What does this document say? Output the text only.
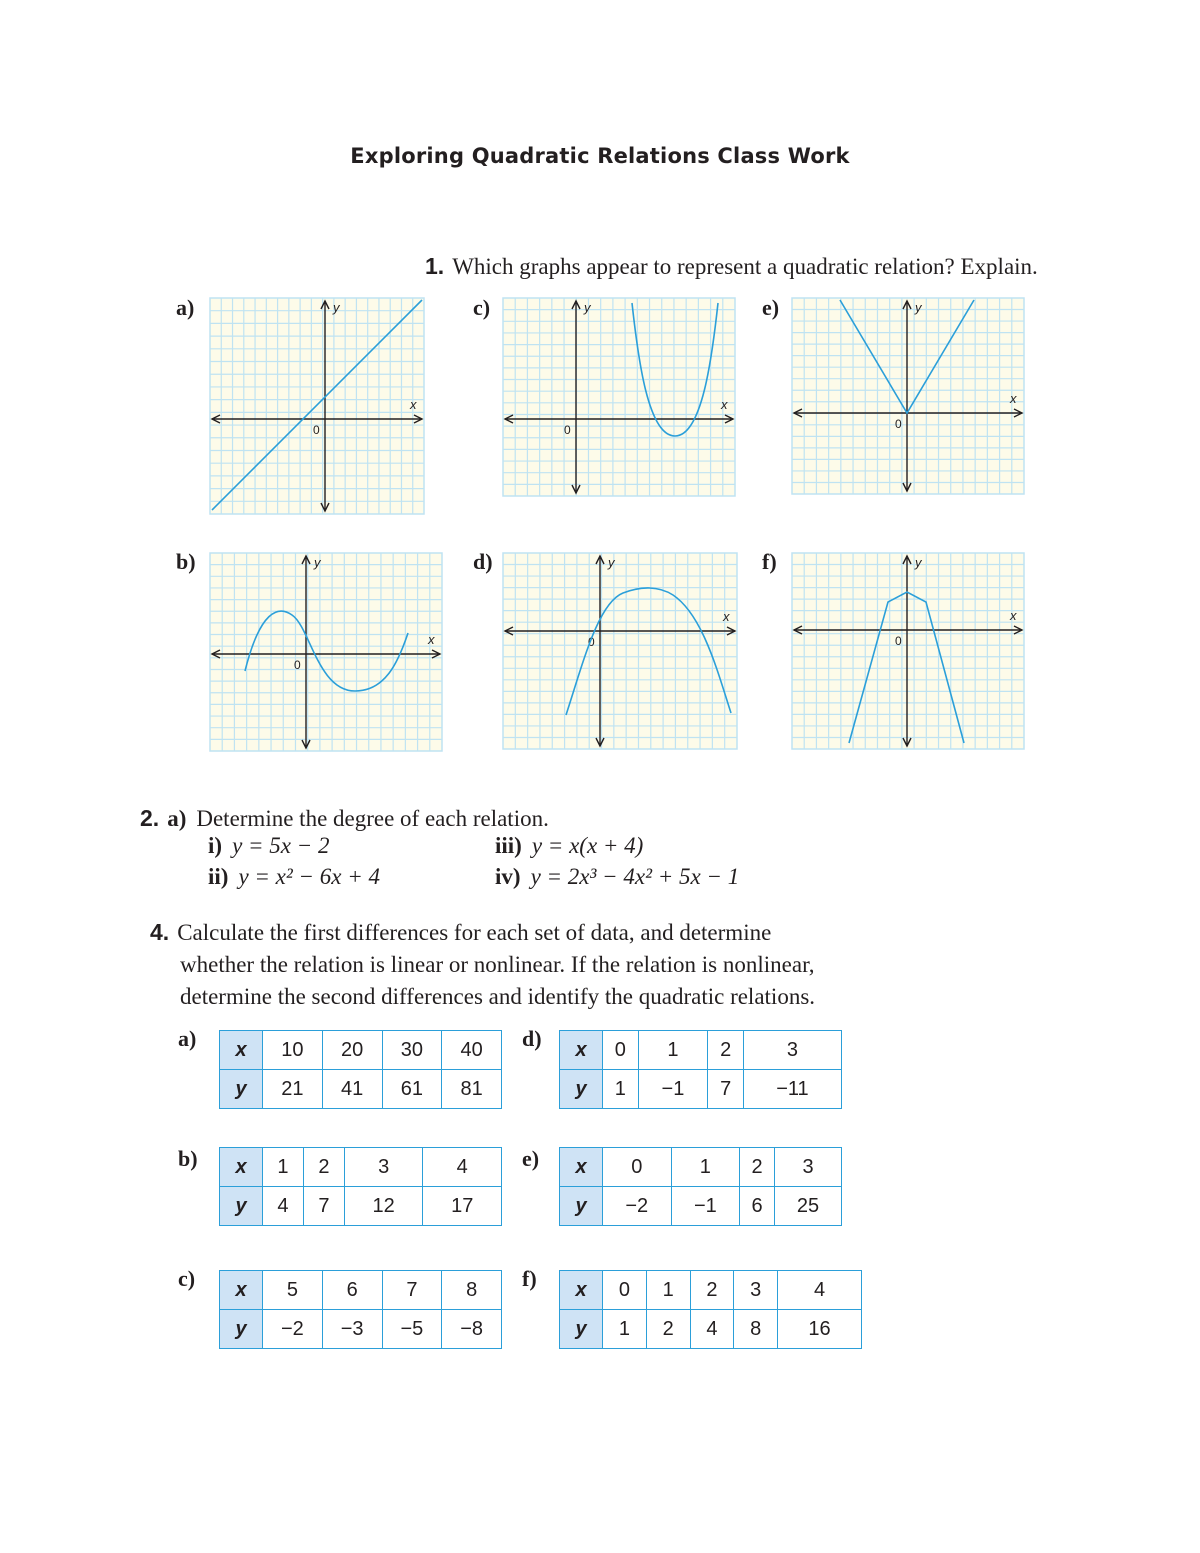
Exploring Quadratic Relations Class Work
1. Which graphs appear to represent a quadratic relation? Explain.
a)	c)	e)
b)	d)	f)
x
y
0
x
y
0
x
y
0
x
y
0
x
y
0
x
y
0
2. a) Determine the degree of each relation.
i) y = 5x − 2
ii) y = x² − 6x + 4
iii) y = x(x + 4)
iv) y = 2x³ − 4x² + 5x − 1
4. Calculate the first differences for each set of data, and determine
whether the relation is linear or nonlinear. If the relation is nonlinear,
determine the second differences and identify the quadratic relations.
a)
b)
c)
d)
e)
f)
x	10	20	30	40
y	21	41	61	81
x	1	2	3	4
y	4	7	12	17
x	5	6	7	8
y	−2	−3	−5	−8
x	0	1	2	3
y	1	−1	7	−11
x	0	1	2	3
y	−2	−1	6	25
x	0	1	2	3	4
y	1	2	4	8	16
